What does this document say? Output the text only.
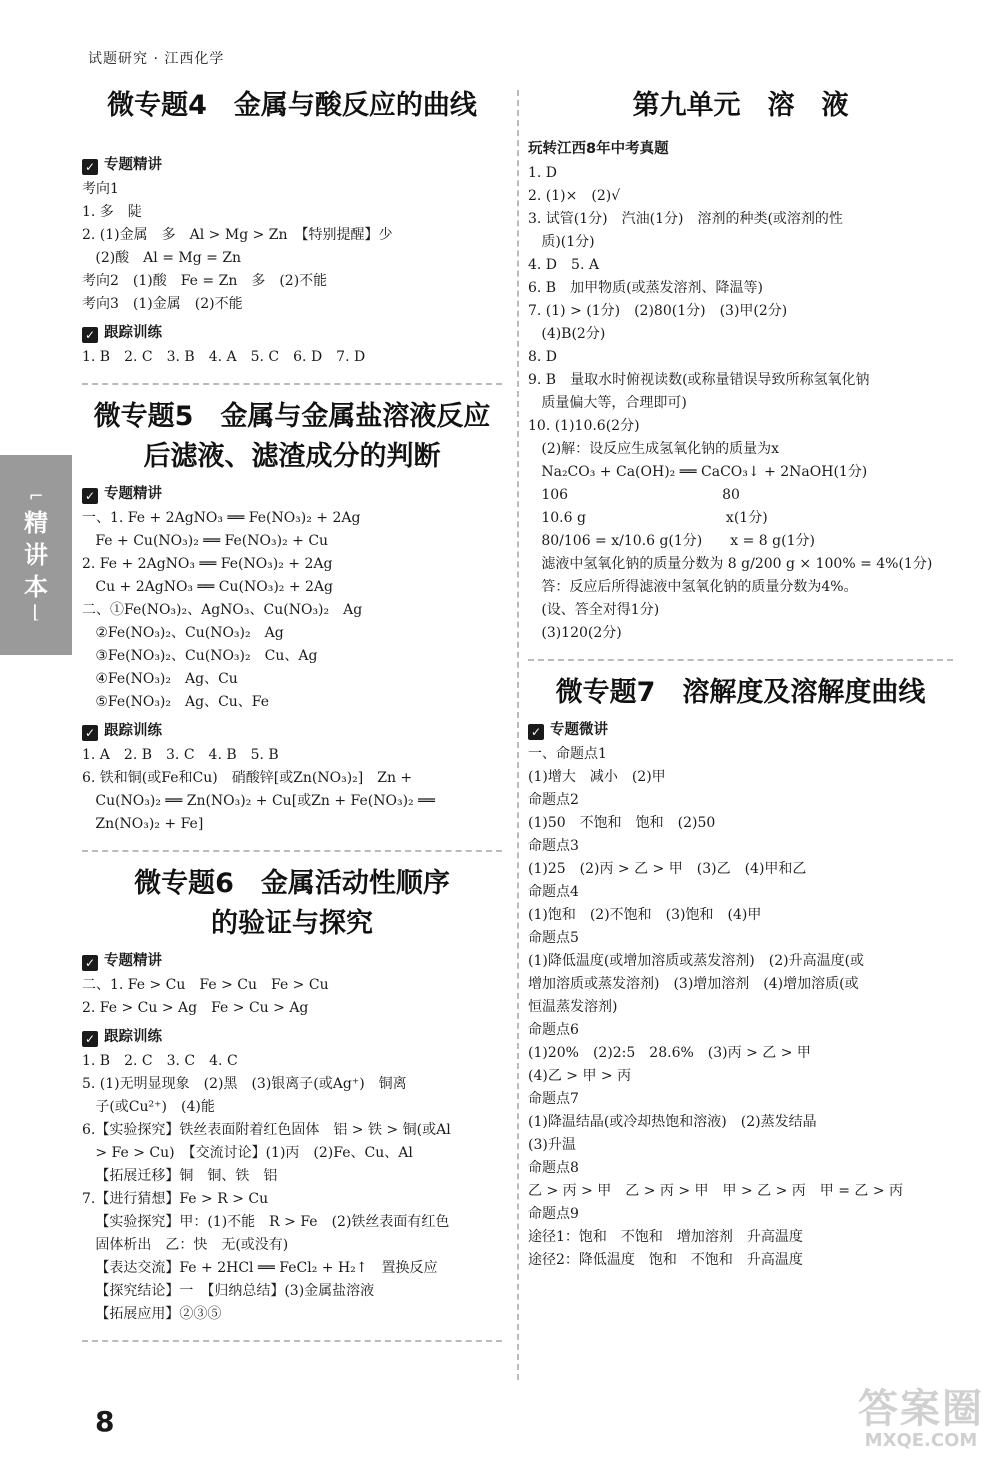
试题研究 · 江西化学
⌐
精
讲
本
⌊
微专题4　金属与酸反应的曲线
✓ 专题精讲
考向1
1. 多　陡
2. (1)金属　多　Al > Mg > Zn　【特别提醒】少
(2)酸　Al = Mg = Zn
考向2　(1)酸　Fe = Zn　多　(2)不能
考向3　(1)金属　(2)不能
✓ 跟踪训练
1. B　2. C　3. B　4. A　5. C　6. D　7. D
微专题5　金属与金属盐溶液反应
后滤液、滤渣成分的判断
✓ 专题精讲
一、1. Fe + 2AgNO₃ ══ Fe(NO₃)₂ + 2Ag
Fe + Cu(NO₃)₂ ══ Fe(NO₃)₂ + Cu
2. Fe + 2AgNO₃ ══ Fe(NO₃)₂ + 2Ag
Cu + 2AgNO₃ ══ Cu(NO₃)₂ + 2Ag
二、①Fe(NO₃)₂、AgNO₃、Cu(NO₃)₂　Ag
②Fe(NO₃)₂、Cu(NO₃)₂　Ag
③Fe(NO₃)₂、Cu(NO₃)₂　Cu、Ag
④Fe(NO₃)₂　Ag、Cu
⑤Fe(NO₃)₂　Ag、Cu、Fe
✓ 跟踪训练
1. A　2. B　3. C　4. B　5. B
6. 铁和铜(或Fe和Cu)　硝酸锌[或Zn(NO₃)₂]　Zn +
Cu(NO₃)₂ ══ Zn(NO₃)₂ + Cu[或Zn + Fe(NO₃)₂ ══
Zn(NO₃)₂ + Fe]
微专题6　金属活动性顺序
的验证与探究
✓ 专题精讲
二、1. Fe > Cu　Fe > Cu　Fe > Cu
2. Fe > Cu > Ag　Fe > Cu > Ag
✓ 跟踪训练
1. B　2. C　3. C　4. C
5. (1)无明显现象　(2)黑　(3)银离子(或Ag⁺)　铜离
子(或Cu²⁺)　(4)能
6.【实验探究】铁丝表面附着红色固体　铝 > 铁 > 铜(或Al
> Fe > Cu)　【交流讨论】(1)丙　(2)Fe、Cu、Al
【拓展迁移】铜　铜、铁　铝
7.【进行猜想】Fe > R > Cu
【实验探究】甲：(1)不能　R > Fe　(2)铁丝表面有红色
固体析出　乙：快　无(或没有)
【表达交流】Fe + 2HCl ══ FeCl₂ + H₂↑　置换反应
【探究结论】一　【归纳总结】(3)金属盐溶液
【拓展应用】②③⑤
第九单元　溶　液
玩转江西8年中考真题
1. D
2. (1)×　(2)√
3. 试管(1分)　汽油(1分)　溶剂的种类(或溶剂的性
质)(1分)
4. D　5. A
6. B　加甲物质(或蒸发溶剂、降温等)
7. (1) > (1分)　(2)80(1分)　(3)甲(2分)
(4)B(2分)
8. D
9. B　量取水时俯视读数(或称量错误导致所称氢氧化钠
质量偏大等，合理即可)
10. (1)10.6(2分)
(2)解：设反应生成氢氧化钠的质量为x
Na₂CO₃ + Ca(OH)₂ ══ CaCO₃↓ + 2NaOH(1分)
106　　　　　　　　　　　80
10.6 g　　　　　　　　　　x(1分)
80/106 = x/10.6 g(1分)　　x = 8 g(1分)
滤液中氢氧化钠的质量分数为 8 g/200 g × 100% = 4%(1分)
答：反应后所得滤液中氢氧化钠的质量分数为4%。
(设、答全对得1分)
(3)120(2分)
微专题7　溶解度及溶解度曲线
✓ 专题微讲
一、命题点1
(1)增大　减小　(2)甲
命题点2
(1)50　不饱和　饱和　(2)50
命题点3
(1)25　(2)丙 > 乙 > 甲　(3)乙　(4)甲和乙
命题点4
(1)饱和　(2)不饱和　(3)饱和　(4)甲
命题点5
(1)降低温度(或增加溶质或蒸发溶剂)　(2)升高温度(或
增加溶质或蒸发溶剂)　(3)增加溶剂　(4)增加溶质(或
恒温蒸发溶剂)
命题点6
(1)20%　(2)2:5　28.6%　(3)丙 > 乙 > 甲
(4)乙 > 甲 > 丙
命题点7
(1)降温结晶(或冷却热饱和溶液)　(2)蒸发结晶
(3)升温
命题点8
乙 > 丙 > 甲　乙 > 丙 > 甲　甲 > 乙 > 丙　甲 = 乙 > 丙
命题点9
途径1：饱和　不饱和　增加溶剂　升高温度
途径2：降低温度　饱和　不饱和　升高温度
8	答案圈
MXQE.COM
